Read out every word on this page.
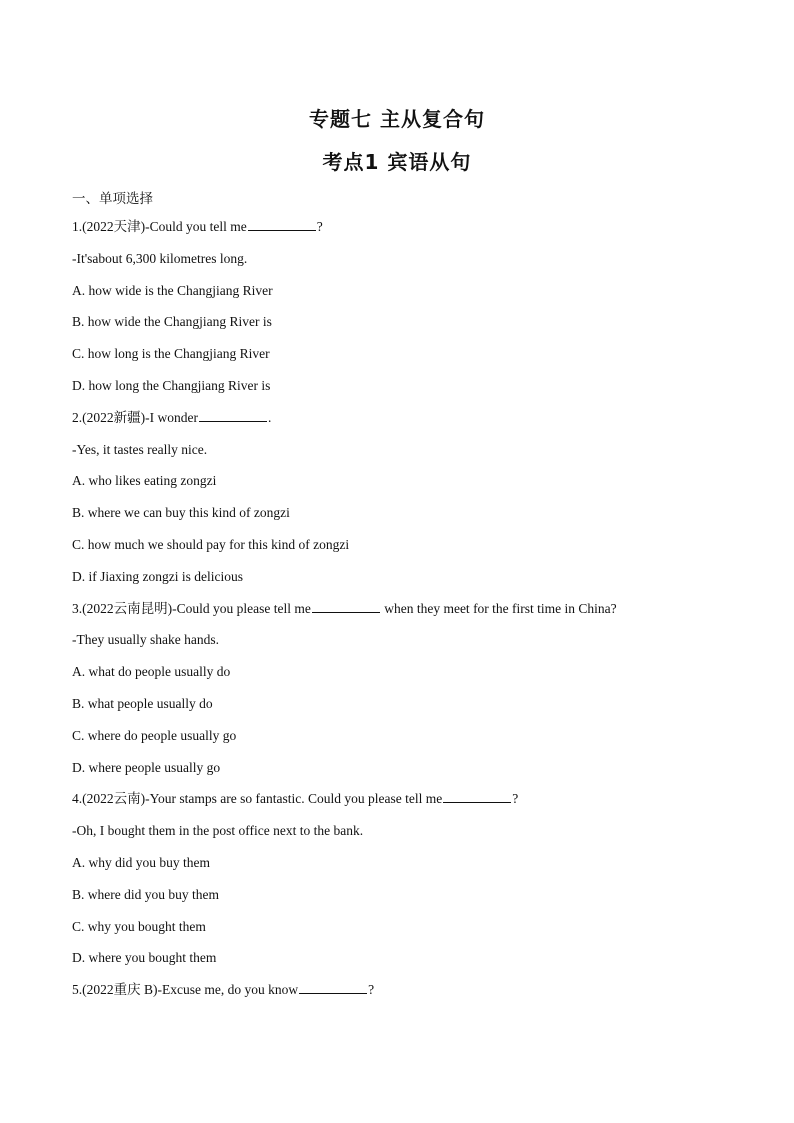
专题七 主从复合句
考点1 宾语从句
一、单项选择
1.(2022天津)-Could you tell me	?
-It'sabout 6,300 kilometres long.
A. how wide is the Changjiang River
B. how wide the Changjiang River is
C. how long is the Changjiang River
D. how long the Changjiang River is
2.(2022新疆)-I wonder	.
-Yes, it tastes really nice.
A. who likes eating zongzi
B. where we can buy this kind of zongzi
C. how much we should pay for this kind of zongzi
D. if Jiaxing zongzi is delicious
3.(2022云南昆明)-Could you please tell me	when they meet for the first time in China?
-They usually shake hands.
A. what do people usually do
B. what people usually do
C. where do people usually go
D. where people usually go
4.(2022云南)-Your stamps are so fantastic. Could you please tell me	?
-Oh, I bought them in the post office next to the bank.
A. why did you buy them
B. where did you buy them
C. why you bought them
D. where you bought them
5.(2022重庆 B)-Excuse me, do you know	?
